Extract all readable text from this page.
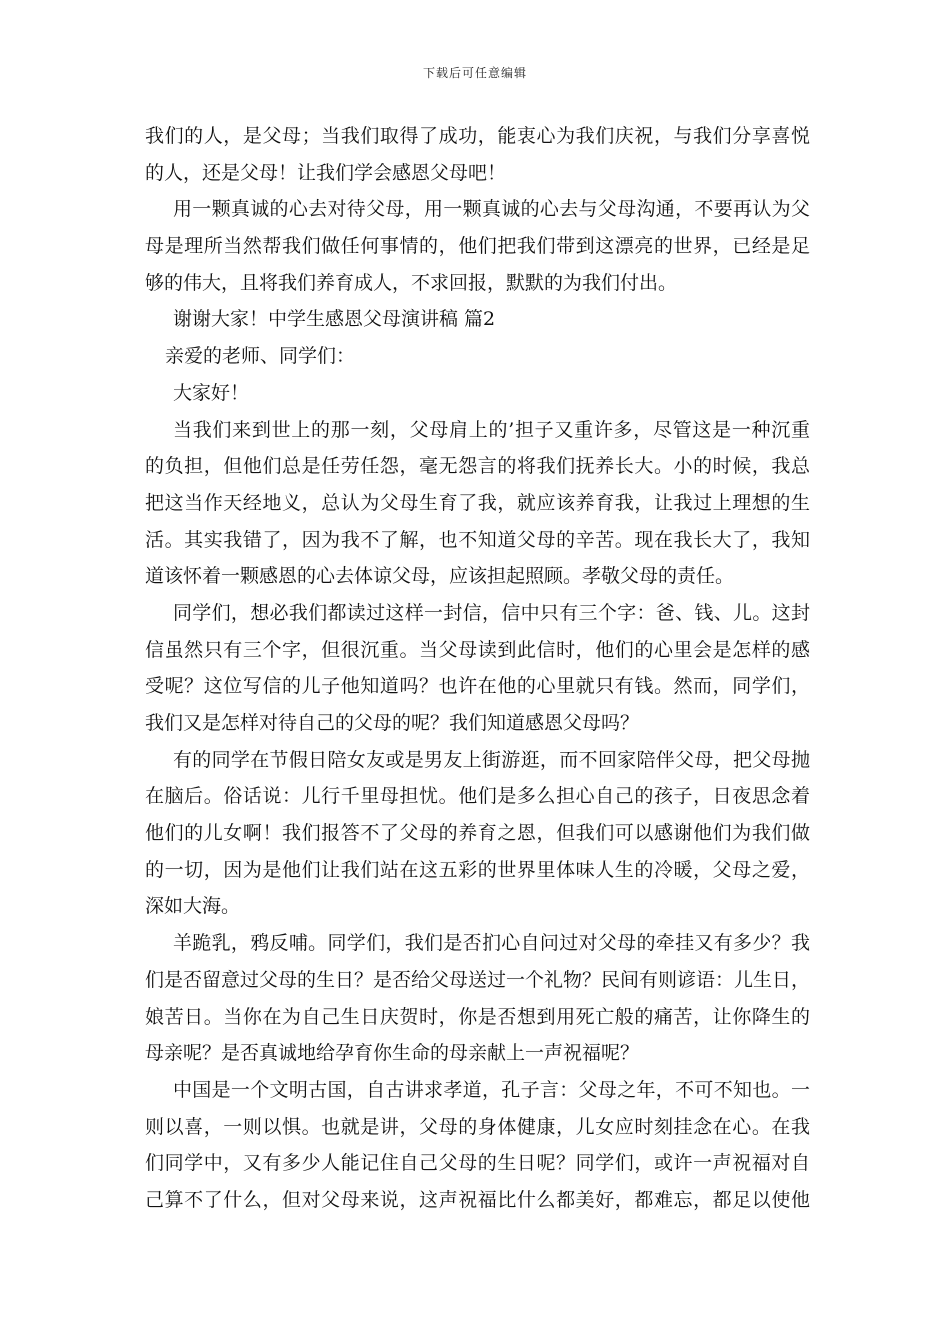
下载后可任意编辑
我们的人，是父母；当我们取得了成功，能衷心为我们庆祝，与我们分享喜悦
的人，还是父母！让我们学会感恩父母吧！
用一颗真诚的心去对待父母，用一颗真诚的心去与父母沟通，不要再认为父
母是理所当然帮我们做任何事情的，他们把我们带到这漂亮的世界，已经是足
够的伟大，且将我们养育成人，不求回报，默默的为我们付出。
谢谢大家！中学生感恩父母演讲稿 篇2
亲爱的老师、同学们：
大家好！
当我们来到世上的那一刻，父母肩上的’担子又重许多，尽管这是一种沉重
的负担，但他们总是任劳任怨，毫无怨言的将我们抚养长大。小的时候，我总
把这当作天经地义，总认为父母生育了我，就应该养育我，让我过上理想的生
活。其实我错了，因为我不了解，也不知道父母的辛苦。现在我长大了，我知
道该怀着一颗感恩的心去体谅父母，应该担起照顾。孝敬父母的责任。
同学们，想必我们都读过这样一封信，信中只有三个字：爸、钱、儿。这封
信虽然只有三个字，但很沉重。当父母读到此信时，他们的心里会是怎样的感
受呢？这位写信的儿子他知道吗？也许在他的心里就只有钱。然而，同学们，
我们又是怎样对待自己的父母的呢？我们知道感恩父母吗？
有的同学在节假日陪女友或是男友上街游逛，而不回家陪伴父母，把父母抛
在脑后。俗话说：儿行千里母担忧。他们是多么担心自己的孩子，日夜思念着
他们的儿女啊！我们报答不了父母的养育之恩，但我们可以感谢他们为我们做
的一切，因为是他们让我们站在这五彩的世界里体味人生的冷暖，父母之爱，
深如大海。
羊跪乳，鸦反哺。同学们，我们是否扪心自问过对父母的牵挂又有多少？我
们是否留意过父母的生日？是否给父母送过一个礼物？民间有则谚语：儿生日，
娘苦日。当你在为自己生日庆贺时，你是否想到用死亡般的痛苦，让你降生的
母亲呢？是否真诚地给孕育你生命的母亲献上一声祝福呢？
中国是一个文明古国，自古讲求孝道，孔子言：父母之年，不可不知也。一
则以喜，一则以惧。也就是讲，父母的身体健康，儿女应时刻挂念在心。在我
们同学中，又有多少人能记住自己父母的生日呢？同学们，或许一声祝福对自
己算不了什么，但对父母来说，这声祝福比什么都美好，都难忘，都足以使他
